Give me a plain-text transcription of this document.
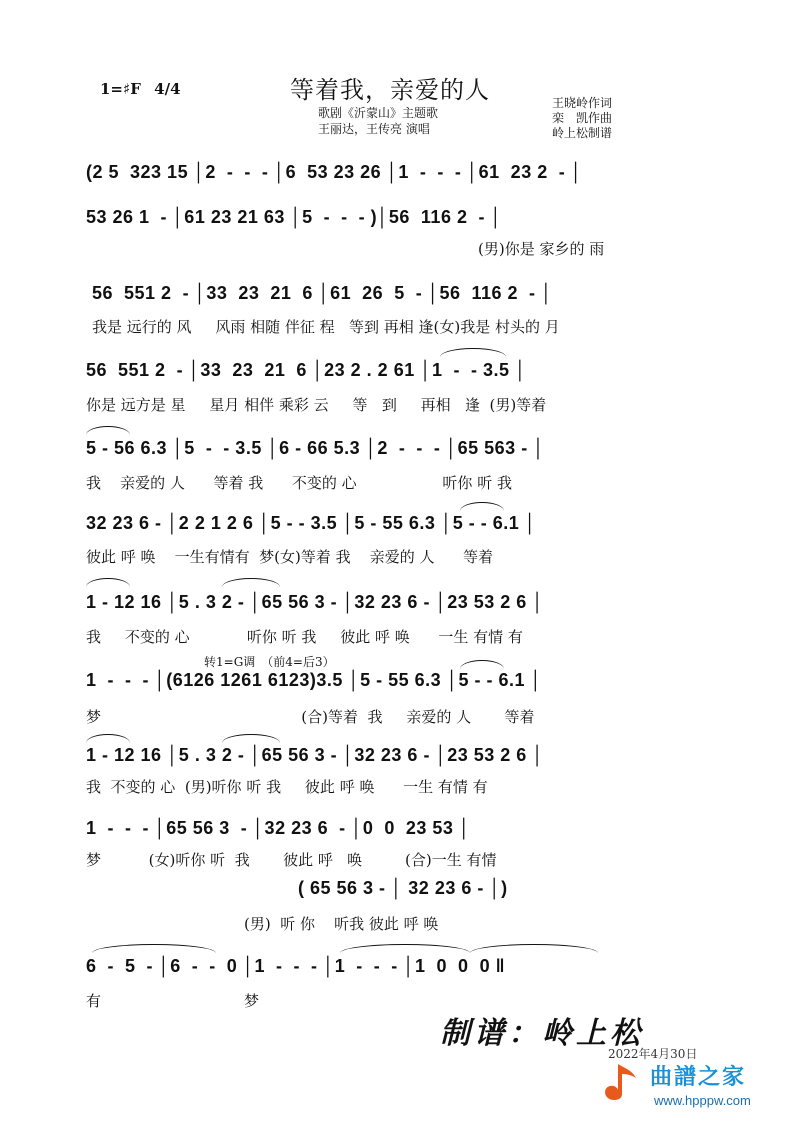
1=♯F 4/4	等着我，亲爱的人
歌剧《沂蒙山》主题歌
王丽达，王传亮 演唱
王晓岭作词
栾　凯作曲
岭上松制谱
(2 5  323 15 │2  -  -  - │6  53 23 26 │1  -  -  - │61  23 2  - │
53 26 1  - │61 23 21 63 │5  -  -  - )│56  116 2  - │
(男)你是 家乡的 雨
56  551 2  - │33  23  21  6 │61  26  5  - │56  116 2  - │
我是 远行的 风     风雨 相随 伴征 程   等到 再相 逢(女)我是 村头的 月
56  551 2  - │33  23  21  6 │23 2 . 2 61 │1  -  - 3.5 │
你是 远方是 星     星月 相伴 乘彩 云     等   到     再相   逢  (男)等着
5 - 56 6.3 │5  -  - 3.5 │6 - 66 5.3 │2  -  -  - │65 563 - │
我    亲爱的 人      等着 我      不变的 心                  听你 听 我
32 23 6 - │2 2 1 2 6 │5 - - 3.5 │5 - 55 6.3 │5 - - 6.1 │
彼此 呼 唤    一生有情有  梦(女)等着 我    亲爱的 人      等着
1 - 12 16 │5 . 3 2 - │65 56 3 - │32 23 6 - │23 53 2 6 │
我     不变的 心            听你 听 我     彼此 呼 唤      一生 有情 有
转1=G调　（前4=后3）
1  -  -  - │(6126 1261 6123)3.5 │5 - 55 6.3 │5 - - 6.1 │
梦                                          (合)等着  我     亲爱的 人       等着
1 - 12 16 │5 . 3 2 - │65 56 3 - │32 23 6 - │23 53 2 6 │
我  不变的 心  (男)听你 听 我     彼此 呼 唤      一生 有情 有
1  -  -  - │65 56 3  - │32 23 6  - │0  0  23 53 │
梦          (女)听你 听  我       彼此 呼   唤         (合)一生 有情
( 65 56 3 - │ 32 23 6 - │)
(男)  听 你    听我 彼此 呼 唤
6  -  5  - │6  -  -  0 │1  -  -  - │1  -  -  - │1  0  0  0 ‖
有                              梦
制谱：岭上松
2022年4月30日
曲譜之家
www.hpppw.com
